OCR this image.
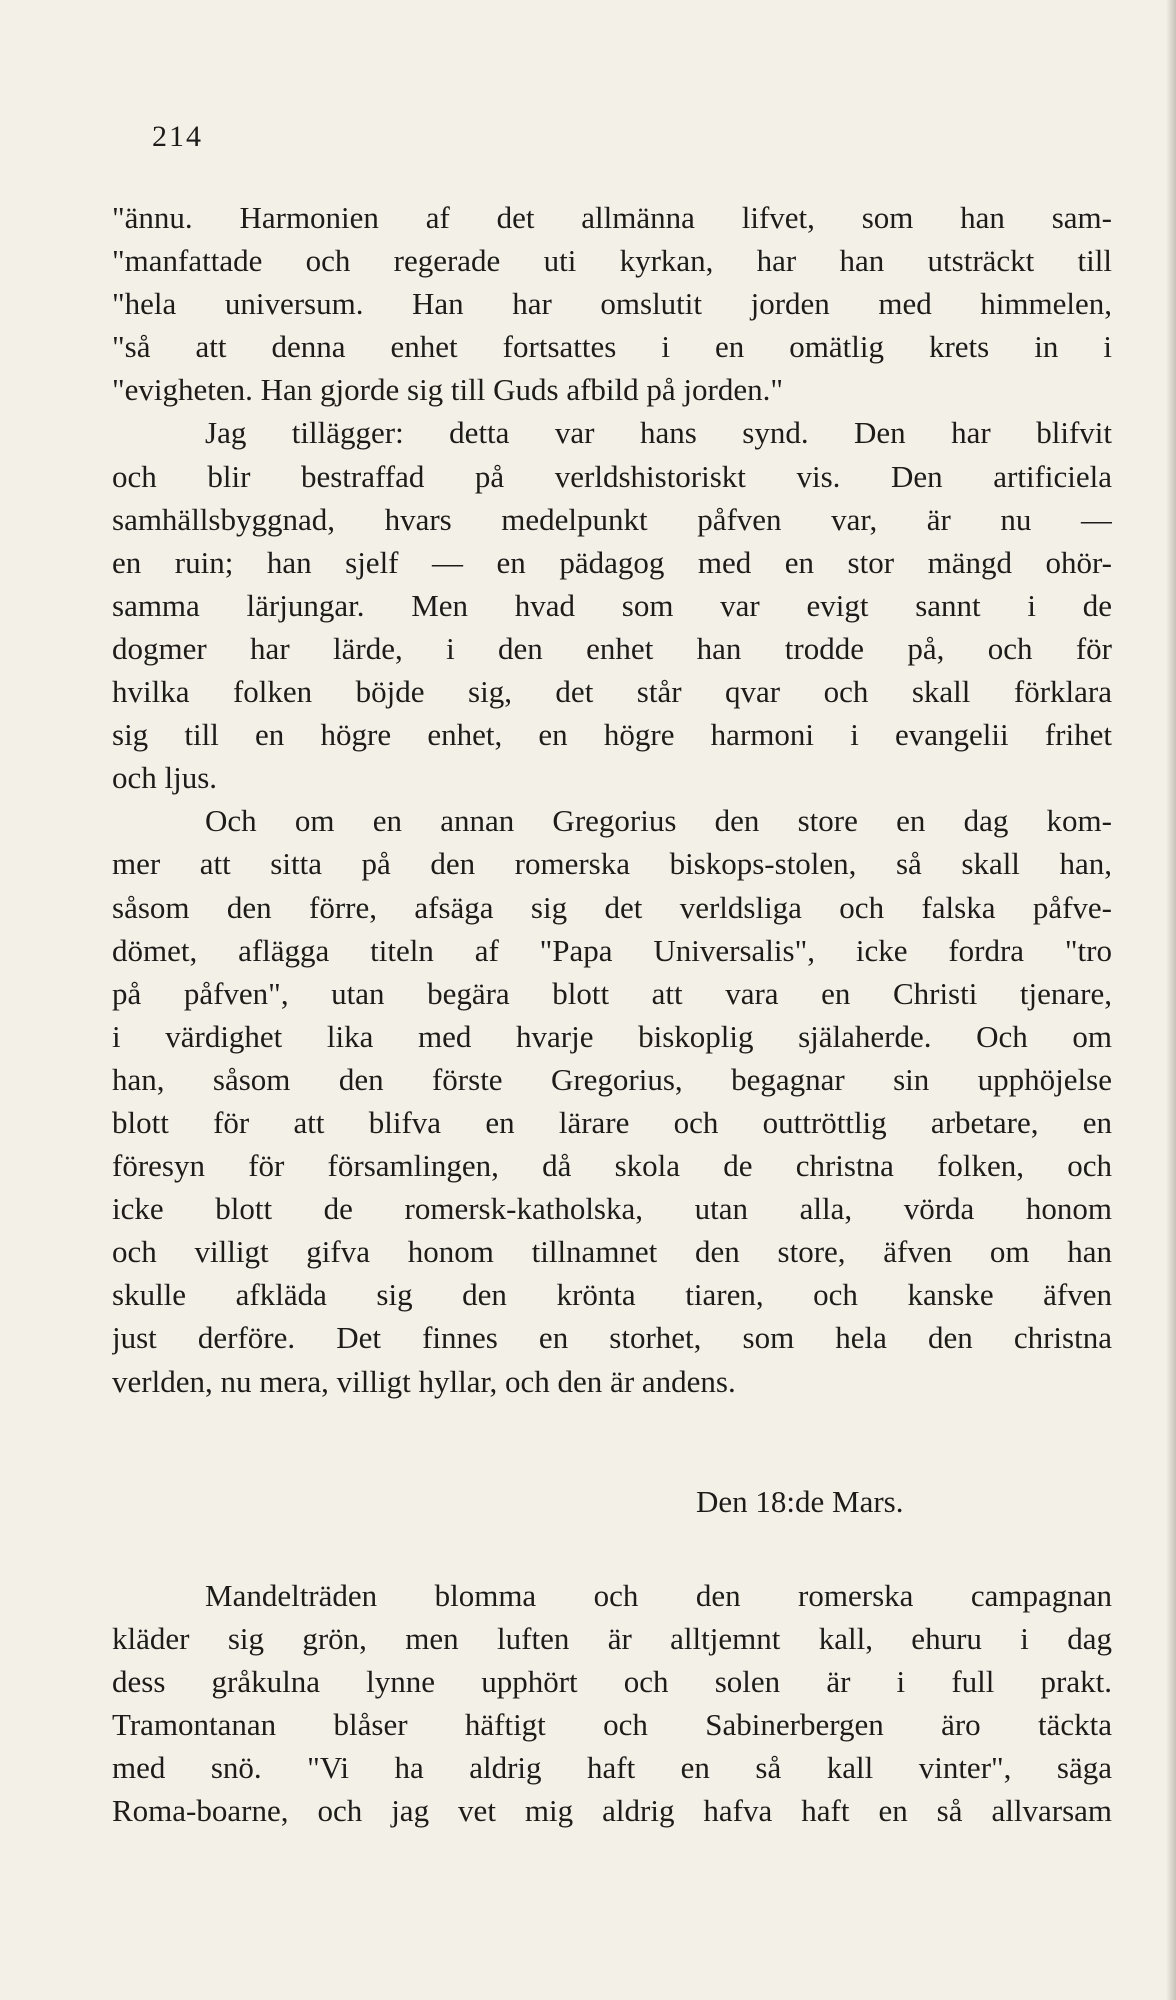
214
"ännu. Harmonien af det allmänna lifvet, som han sam-
"manfattade och regerade uti kyrkan, har han utsträckt till
"hela universum. Han har omslutit jorden med himmelen,
"så att denna enhet fortsattes i en omätlig krets in i
"evigheten. Han gjorde sig till Guds afbild på jorden."
Jag tillägger: detta var hans synd. Den har blifvit
och blir bestraffad på verldshistoriskt vis. Den artificiela
samhällsbyggnad, hvars medelpunkt påfven var, är nu —
en ruin; han sjelf — en pädagog med en stor mängd ohör-
samma lärjungar. Men hvad som var evigt sannt i de
dogmer har lärde, i den enhet han trodde på, och för
hvilka folken böjde sig, det står qvar och skall förklara
sig till en högre enhet, en högre harmoni i evangelii frihet
och ljus.
Och om en annan Gregorius den store en dag kom-
mer att sitta på den romerska biskops-stolen, så skall han,
såsom den förre, afsäga sig det verldsliga och falska påfve-
dömet, aflägga titeln af "Papa Universalis", icke fordra "tro
på påfven", utan begära blott att vara en Christi tjenare,
i värdighet lika med hvarje biskoplig själaherde. Och om
han, såsom den förste Gregorius, begagnar sin upphöjelse
blott för att blifva en lärare och outtröttlig arbetare, en
föresyn för församlingen, då skola de christna folken, och
icke blott de romersk-katholska, utan alla, vörda honom
och villigt gifva honom tillnamnet den store, äfven om han
skulle afkläda sig den krönta tiaren, och kanske äfven
just derföre. Det finnes en storhet, som hela den christna
verlden, nu mera, villigt hyllar, och den är andens.
Den 18:de Mars.
Mandelträden blomma och den romerska campagnan
kläder sig grön, men luften är alltjemnt kall, ehuru i dag
dess gråkulna lynne upphört och solen är i full prakt.
Tramontanan blåser häftigt och Sabinerbergen äro täckta
med snö. "Vi ha aldrig haft en så kall vinter", säga
Roma-boarne, och jag vet mig aldrig hafva haft en så allvarsam
